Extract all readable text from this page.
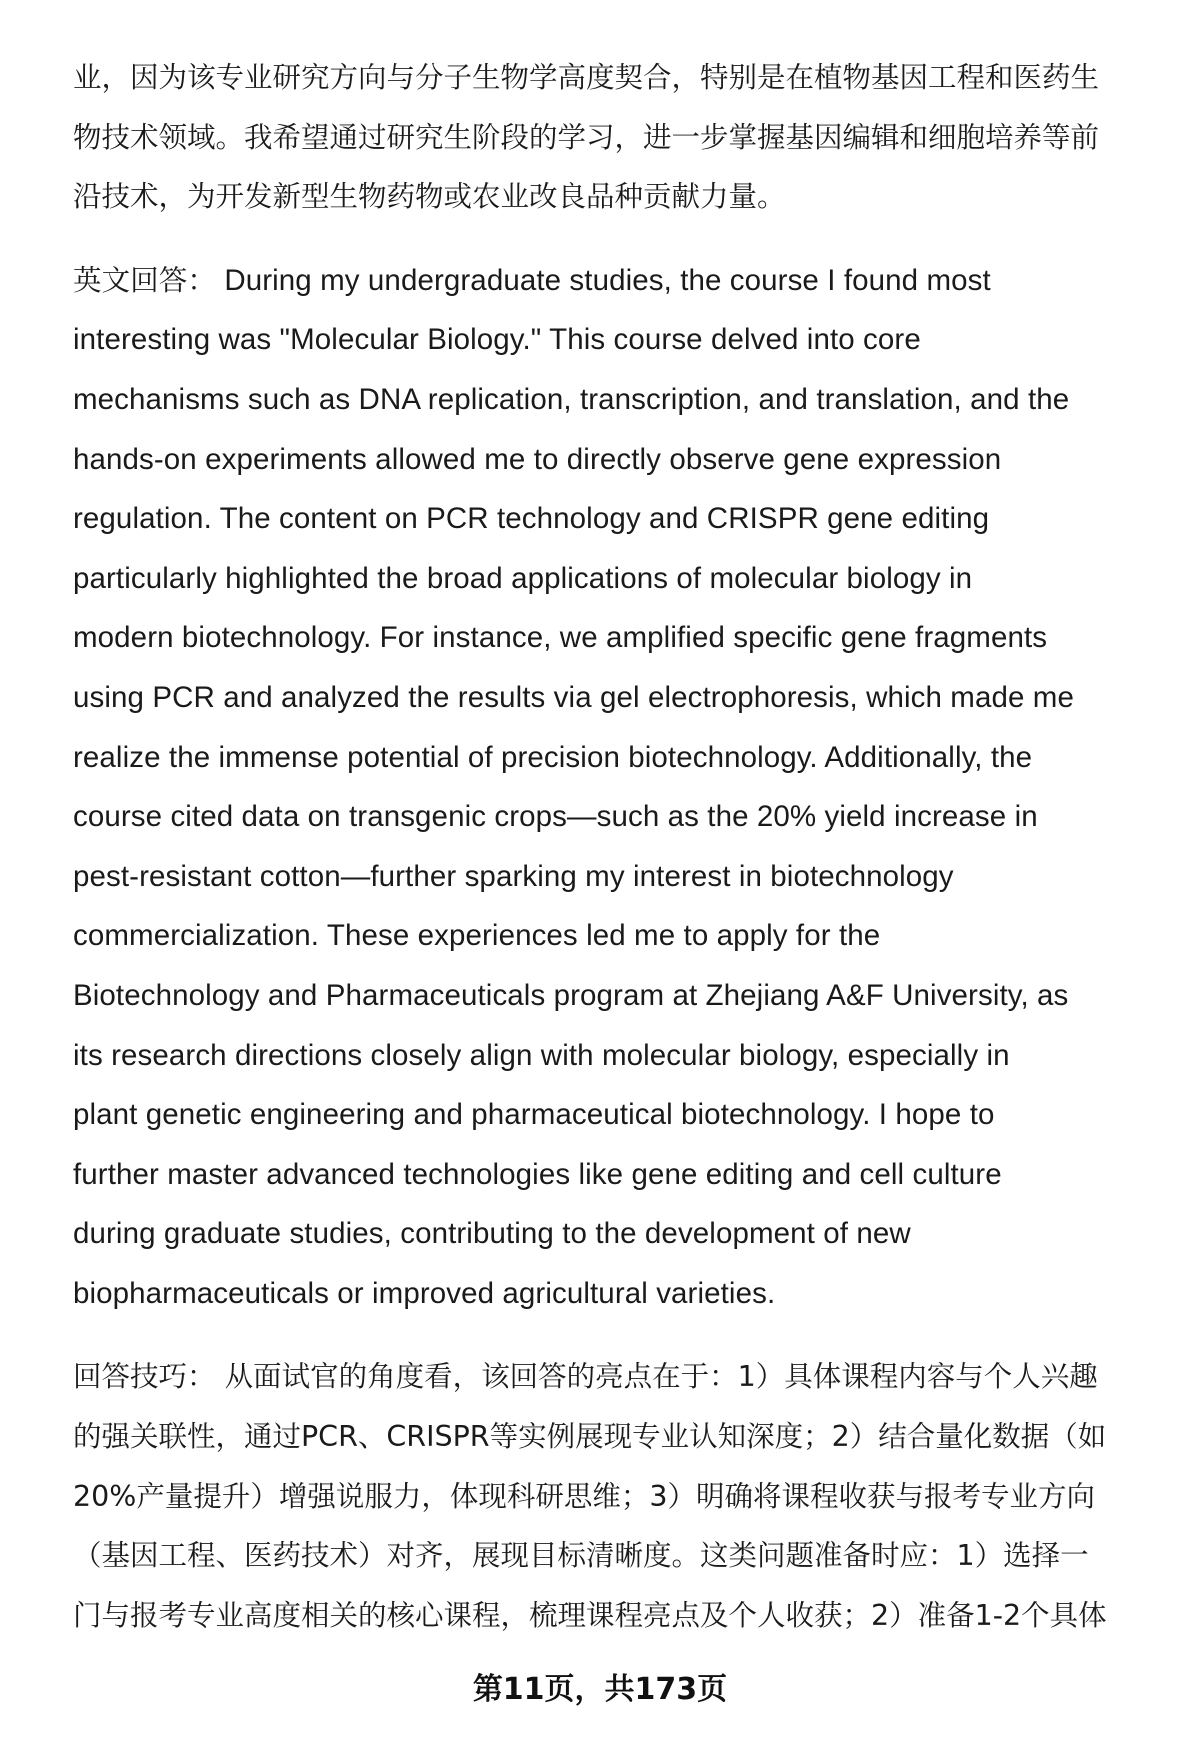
业，因为该专业研究方向与分子生物学高度契合，特别是在植物基因工程和医药生
物技术领域。我希望通过研究生阶段的学习，进一步掌握基因编辑和细胞培养等前
沿技术，为开发新型生物药物或农业改良品种贡献力量。

英文回答： During my undergraduate studies, the course I found most
interesting was "Molecular Biology." This course delved into core
mechanisms such as DNA replication, transcription, and translation, and the
hands-on experiments allowed me to directly observe gene expression
regulation. The content on PCR technology and CRISPR gene editing
particularly highlighted the broad applications of molecular biology in
modern biotechnology. For instance, we amplified specific gene fragments
using PCR and analyzed the results via gel electrophoresis, which made me
realize the immense potential of precision biotechnology. Additionally, the
course cited data on transgenic crops—such as the 20% yield increase in
pest-resistant cotton—further sparking my interest in biotechnology
commercialization. These experiences led me to apply for the
Biotechnology and Pharmaceuticals program at Zhejiang A&F University, as
its research directions closely align with molecular biology, especially in
plant genetic engineering and pharmaceutical biotechnology. I hope to
further master advanced technologies like gene editing and cell culture
during graduate studies, contributing to the development of new
biopharmaceuticals or improved agricultural varieties.

回答技巧： 从面试官的角度看，该回答的亮点在于：1）具体课程内容与个人兴趣
的强关联性，通过PCR、CRISPR等实例展现专业认知深度；2）结合量化数据（如
20%产量提升）增强说服力，体现科研思维；3）明确将课程收获与报考专业方向
（基因工程、医药技术）对齐，展现目标清晰度。这类问题准备时应：1）选择一
门与报考专业高度相关的核心课程，梳理课程亮点及个人收获；2）准备1-2个具体

第11页，共173页
